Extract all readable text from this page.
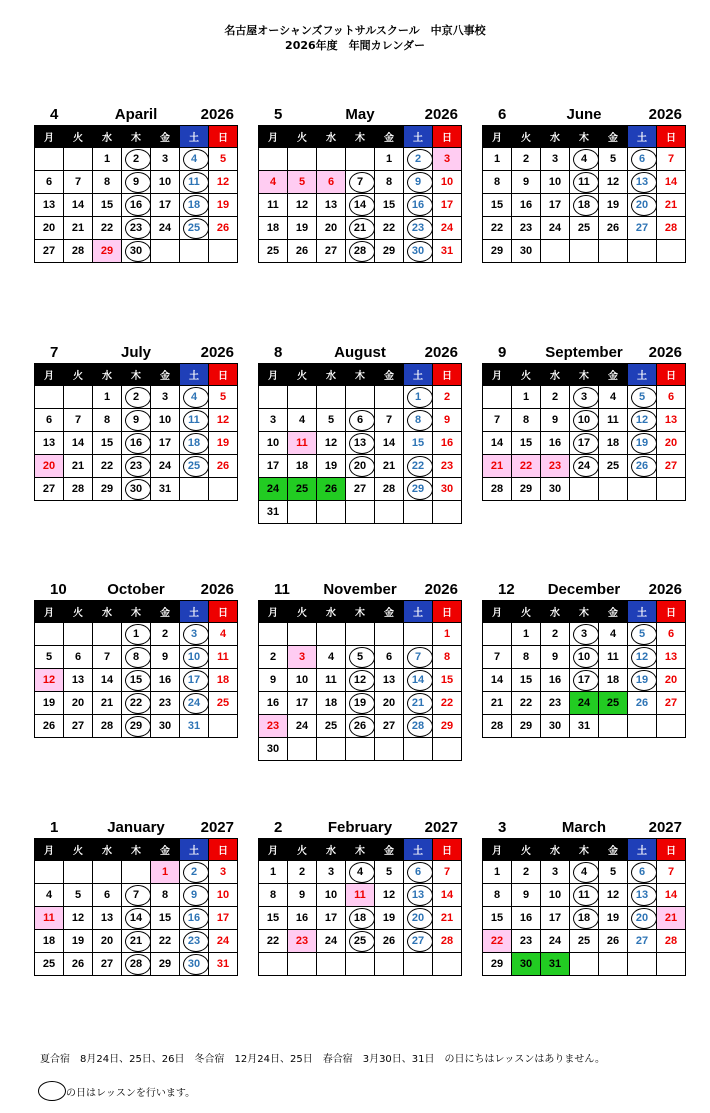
名古屋オーシャンズフットサルスクール　中京八事校
2026年度　年間カレンダー
4	Aparil	2026
月	火	水	木	金	土	日
		1	2	3	4	5
6	7	8	9	10	11	12
13	14	15	16	17	18	19
20	21	22	23	24	25	26
27	28	29	30			
5	May	2026
月	火	水	木	金	土	日
				1	2	3
4	5	6	7	8	9	10
11	12	13	14	15	16	17
18	19	20	21	22	23	24
25	26	27	28	29	30	31
6	June	2026
月	火	水	木	金	土	日
1	2	3	4	5	6	7
8	9	10	11	12	13	14
15	16	17	18	19	20	21
22	23	24	25	26	27	28
29	30					
7	July	2026
月	火	水	木	金	土	日
		1	2	3	4	5
6	7	8	9	10	11	12
13	14	15	16	17	18	19
20	21	22	23	24	25	26
27	28	29	30	31		
8	August	2026
月	火	水	木	金	土	日
					1	2
3	4	5	6	7	8	9
10	11	12	13	14	15	16
17	18	19	20	21	22	23
24	25	26	27	28	29	30
31						
9	September	2026
月	火	水	木	金	土	日
	1	2	3	4	5	6
7	8	9	10	11	12	13
14	15	16	17	18	19	20
21	22	23	24	25	26	27
28	29	30				
10	October	2026
月	火	水	木	金	土	日
			1	2	3	4
5	6	7	8	9	10	11
12	13	14	15	16	17	18
19	20	21	22	23	24	25
26	27	28	29	30	31	
11	November	2026
月	火	水	木	金	土	日
						1
2	3	4	5	6	7	8
9	10	11	12	13	14	15
16	17	18	19	20	21	22
23	24	25	26	27	28	29
30						
12	December	2026
月	火	水	木	金	土	日
	1	2	3	4	5	6
7	8	9	10	11	12	13
14	15	16	17	18	19	20
21	22	23	24	25	26	27
28	29	30	31			
1	January	2027
月	火	水	木	金	土	日
				1	2	3
4	5	6	7	8	9	10
11	12	13	14	15	16	17
18	19	20	21	22	23	24
25	26	27	28	29	30	31
2	February	2027
月	火	水	木	金	土	日
1	2	3	4	5	6	7
8	9	10	11	12	13	14
15	16	17	18	19	20	21
22	23	24	25	26	27	28

3	March	2027
月	火	水	木	金	土	日
1	2	3	4	5	6	7
8	9	10	11	12	13	14
15	16	17	18	19	20	21
22	23	24	25	26	27	28
29	30	31				
夏合宿　8月24日、25日、26日　冬合宿　12月24日、25日　春合宿　3月30日、31日　の日にちはレッスンはありません。
の日はレッスンを行います。
